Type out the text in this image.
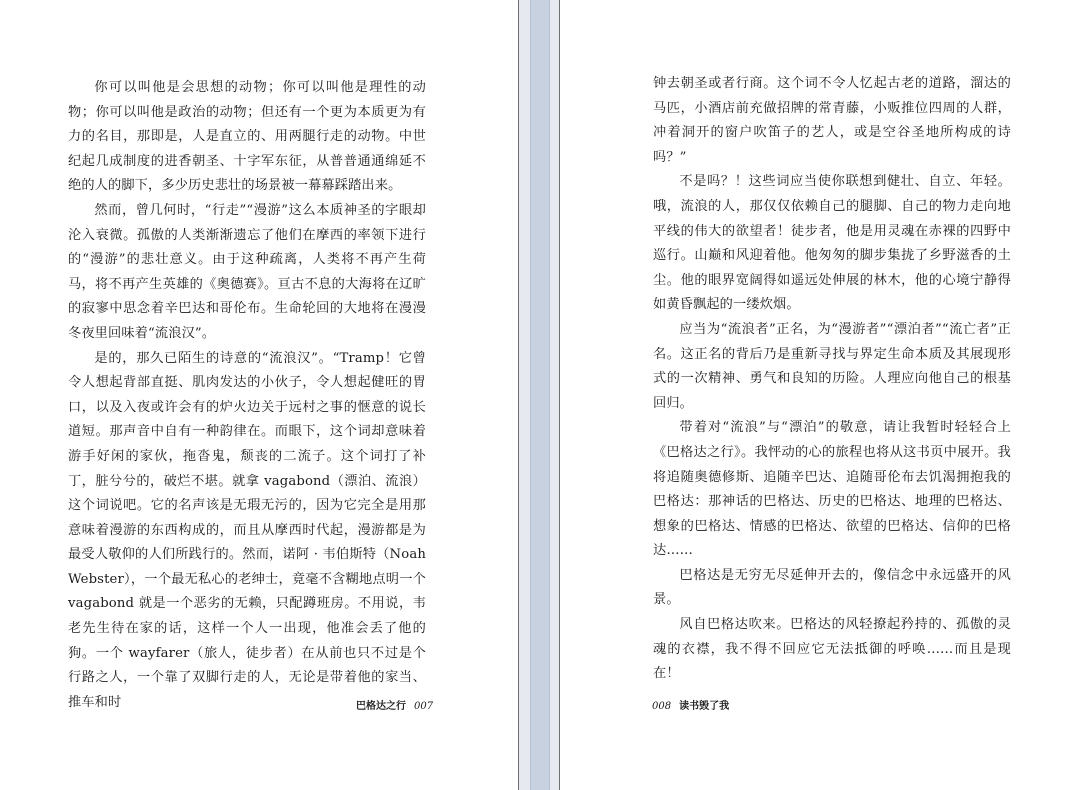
你可以叫他是会思想的动物；你可以叫他是理性的动物；你可以叫他是政治的动物；但还有一个更为本质更为有力的名目，那即是，人是直立的、用两腿行走的动物。中世纪起几成制度的进香朝圣、十字军东征，从普普通通绵延不绝的人的脚下，多少历史悲壮的场景被一幕幕踩踏出来。

然而，曾几何时，“行走”“漫游”这么本质神圣的字眼却沦入衰微。孤傲的人类渐渐遗忘了他们在摩西的率领下进行的“漫游”的悲壮意义。由于这种疏离，人类将不再产生荷马，将不再产生英雄的《奥德赛》。亘古不息的大海将在辽旷的寂寥中思念着辛巴达和哥伦布。生命轮回的大地将在漫漫冬夜里回味着“流浪汉”。

是的，那久已陌生的诗意的“流浪汉”。“Tramp！它曾令人想起背部直挺、肌肉发达的小伙子，令人想起健旺的胃口，以及入夜或许会有的炉火边关于远村之事的惬意的说长道短。那声音中自有一种韵律在。而眼下，这个词却意味着游手好闲的家伙，拖沓鬼，颓丧的二流子。这个词打了补丁，脏兮兮的，破烂不堪。就拿 vagabond（漂泊、流浪）这个词说吧。它的名声该是无瑕无污的，因为它完全是用那意味着漫游的东西构成的，而且从摩西时代起，漫游都是为最受人敬仰的人们所践行的。然而，诺阿 · 韦伯斯特（Noah Webster），一个最无私心的老绅士，竟毫不含糊地点明一个 vagabond 就是一个恶劣的无赖，只配蹲班房。不用说，韦老先生待在家的话，这样一个人一出现，他准会丢了他的狗。一个 wayfarer（旅人，徒步者）在从前也只不过是个行路之人，一个靠了双脚行走的人，无论是带着他的家当、推车和时	巴格达之行 007

钟去朝圣或者行商。这个词不令人忆起古老的道路，溜达的马匹，小酒店前充做招牌的常青藤，小贩推位四周的人群，冲着洞开的窗户吹笛子的艺人，或是空谷圣地所构成的诗吗？”

不是吗？！这些词应当使你联想到健壮、自立、年轻。哦，流浪的人，那仅仅依赖自己的腿脚、自己的物力走向地平线的伟大的欲望者！徒步者，他是用灵魂在赤裸的四野中巡行。山巅和风迎着他。他匆匆的脚步集拢了乡野滋香的土尘。他的眼界宽阔得如遥远处伸展的林木，他的心境宁静得如黄昏飘起的一缕炊烟。

应当为“流浪者”正名，为“漫游者”“漂泊者”“流亡者”正名。这正名的背后乃是重新寻找与界定生命本质及其展现形式的一次精神、勇气和良知的历险。人理应向他自己的根基回归。

带着对“流浪”与“漂泊”的敬意，请让我暂时轻轻合上《巴格达之行》。我怦动的心的旅程也将从这书页中展开。我将追随奥德修斯、追随辛巴达、追随哥伦布去饥渴拥抱我的巴格达：那神话的巴格达、历史的巴格达、地理的巴格达、想象的巴格达、情感的巴格达、欲望的巴格达、信仰的巴格达……

巴格达是无穷无尽延伸开去的，像信念中永远盛开的风景。

风自巴格达吹来。巴格达的风轻撩起矜持的、孤傲的灵魂的衣襟，我不得不回应它无法抵御的呼唤……而且是现在！

008 读书毁了我
